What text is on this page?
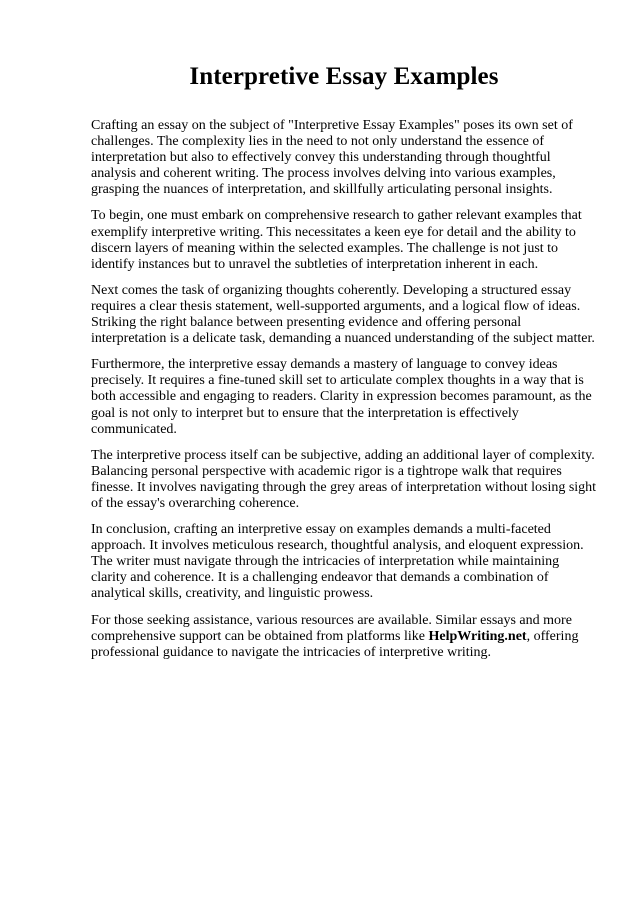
Interpretive Essay Examples

Crafting an essay on the subject of "Interpretive Essay Examples" poses its own set of challenges. The complexity lies in the need to not only understand the essence of interpretation but also to effectively convey this understanding through thoughtful analysis and coherent writing. The process involves delving into various examples, grasping the nuances of interpretation, and skillfully articulating personal insights.

To begin, one must embark on comprehensive research to gather relevant examples that exemplify interpretive writing. This necessitates a keen eye for detail and the ability to discern layers of meaning within the selected examples. The challenge is not just to identify instances but to unravel the subtleties of interpretation inherent in each.

Next comes the task of organizing thoughts coherently. Developing a structured essay requires a clear thesis statement, well-supported arguments, and a logical flow of ideas. Striking the right balance between presenting evidence and offering personal interpretation is a delicate task, demanding a nuanced understanding of the subject matter.

Furthermore, the interpretive essay demands a mastery of language to convey ideas precisely. It requires a fine-tuned skill set to articulate complex thoughts in a way that is both accessible and engaging to readers. Clarity in expression becomes paramount, as the goal is not only to interpret but to ensure that the interpretation is effectively communicated.

The interpretive process itself can be subjective, adding an additional layer of complexity. Balancing personal perspective with academic rigor is a tightrope walk that requires finesse. It involves navigating through the grey areas of interpretation without losing sight of the essay's overarching coherence.

In conclusion, crafting an interpretive essay on examples demands a multi-faceted approach. It involves meticulous research, thoughtful analysis, and eloquent expression. The writer must navigate through the intricacies of interpretation while maintaining clarity and coherence. It is a challenging endeavor that demands a combination of analytical skills, creativity, and linguistic prowess.

For those seeking assistance, various resources are available. Similar essays and more comprehensive support can be obtained from platforms like HelpWriting.net, offering professional guidance to navigate the intricacies of interpretive writing.
